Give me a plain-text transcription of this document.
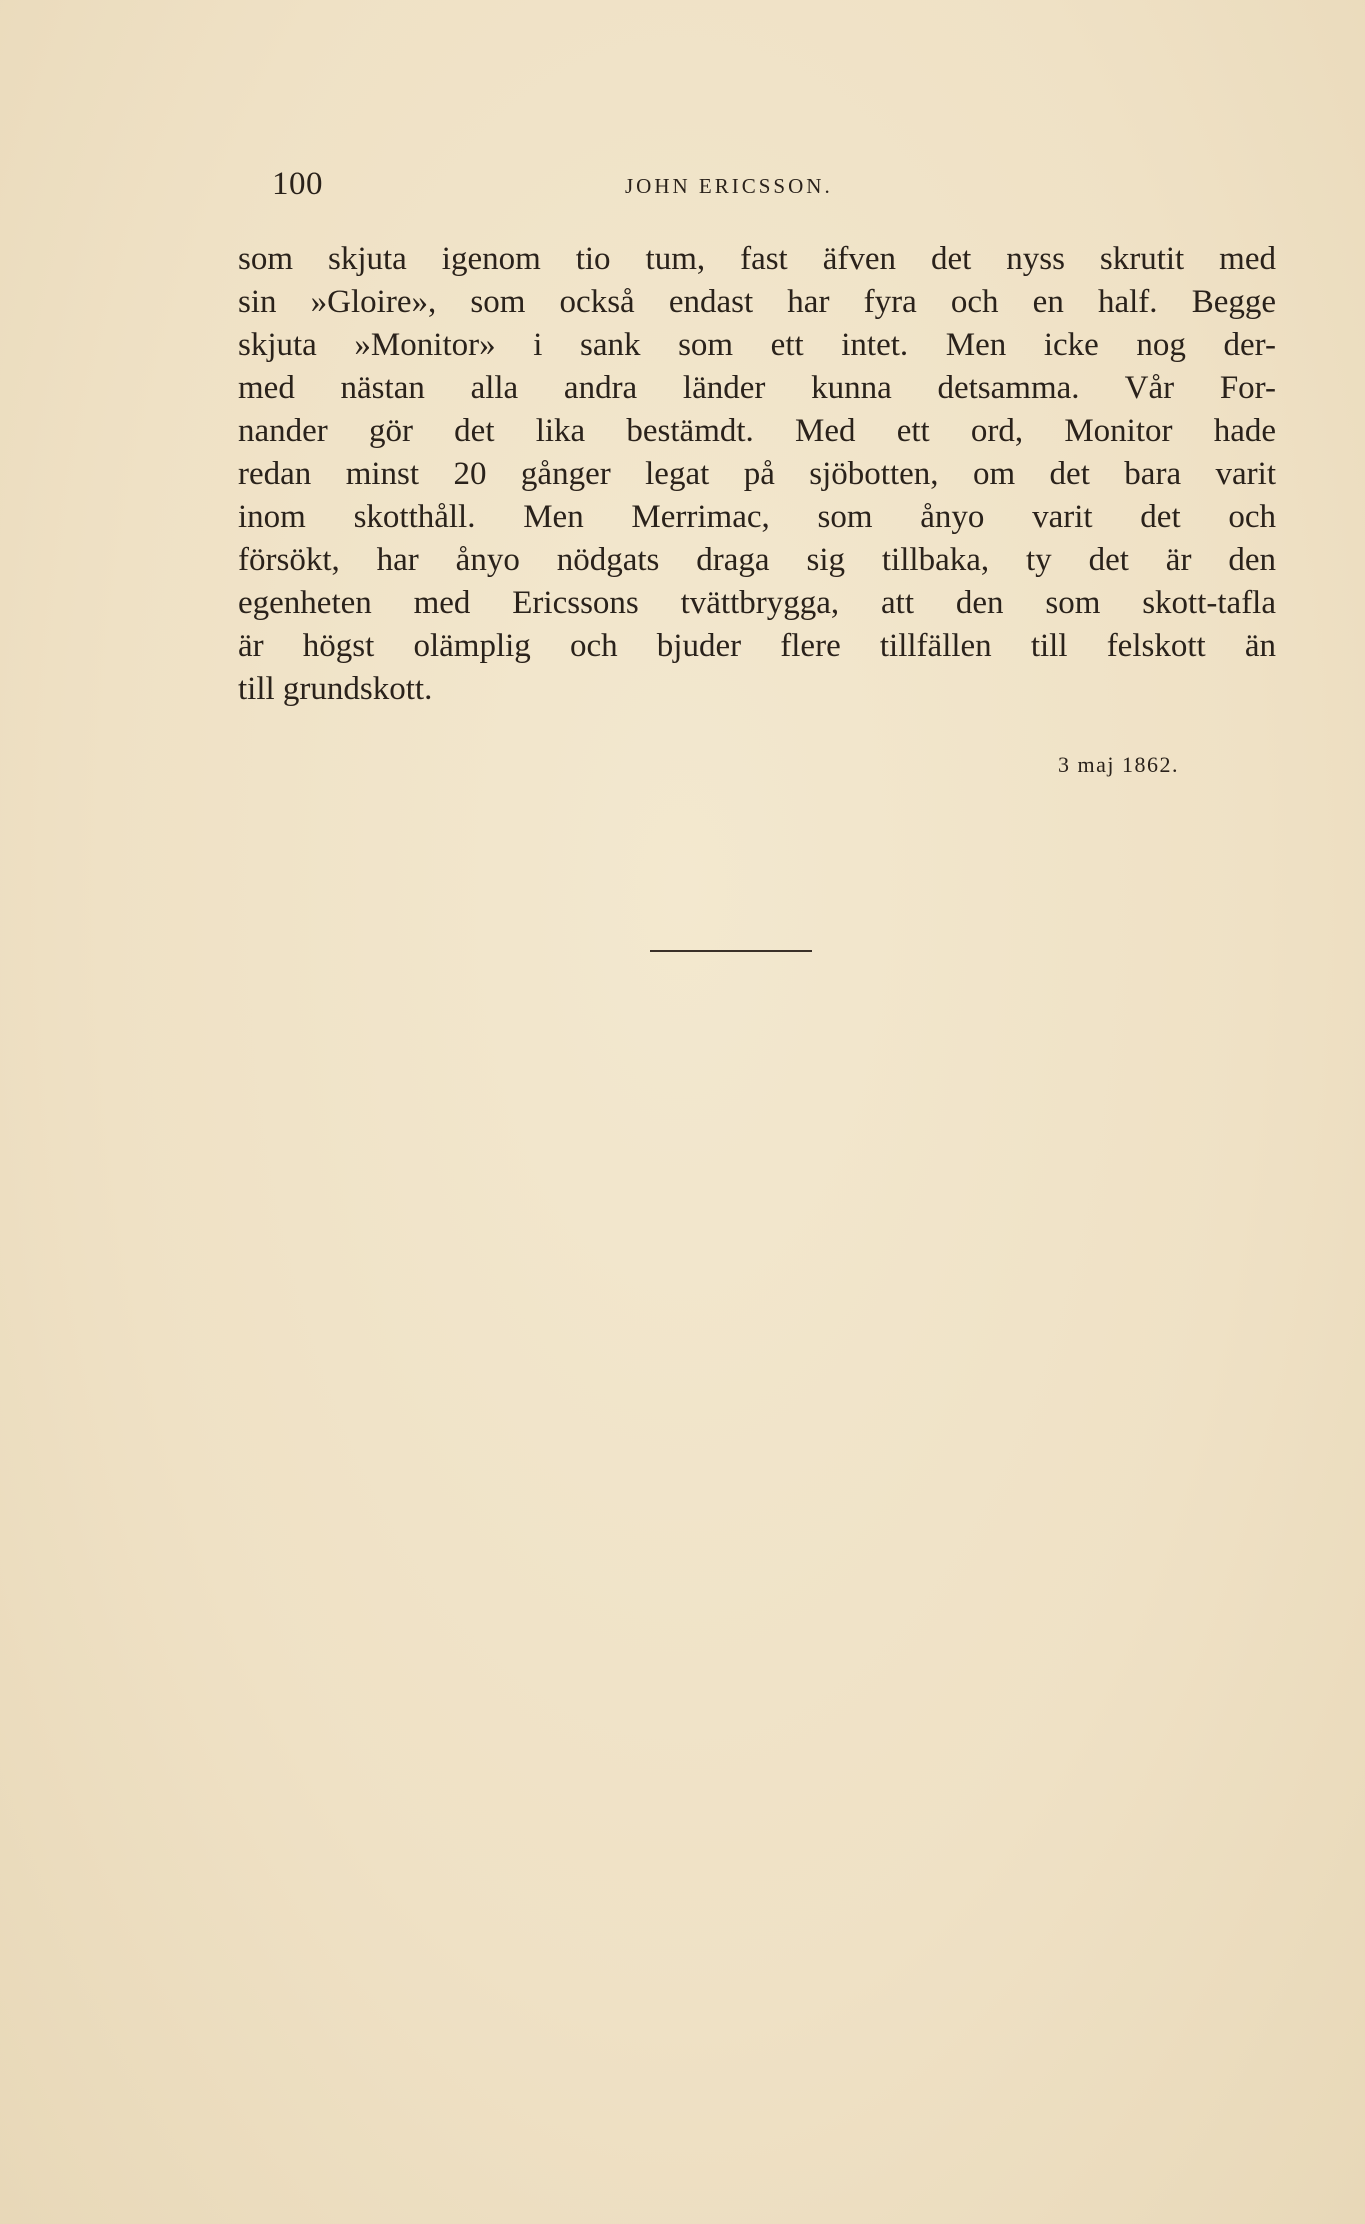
100	JOHN ERICSSON.
som skjuta igenom tio tum, fast äfven det nyss skrutit med
sin »Gloire», som också endast har fyra och en half. Begge
skjuta »Monitor» i sank som ett intet. Men icke nog der-
med nästan alla andra länder kunna detsamma. Vår For-
nander gör det lika bestämdt. Med ett ord, Monitor hade
redan minst 20 gånger legat på sjöbotten, om det bara varit
inom skotthåll. Men Merrimac, som ånyo varit det och
försökt, har ånyo nödgats draga sig tillbaka, ty det är den
egenheten med Ericssons tvättbrygga, att den som skott-tafla
är högst olämplig och bjuder flere tillfällen till felskott än
till grundskott.
3 maj 1862.
